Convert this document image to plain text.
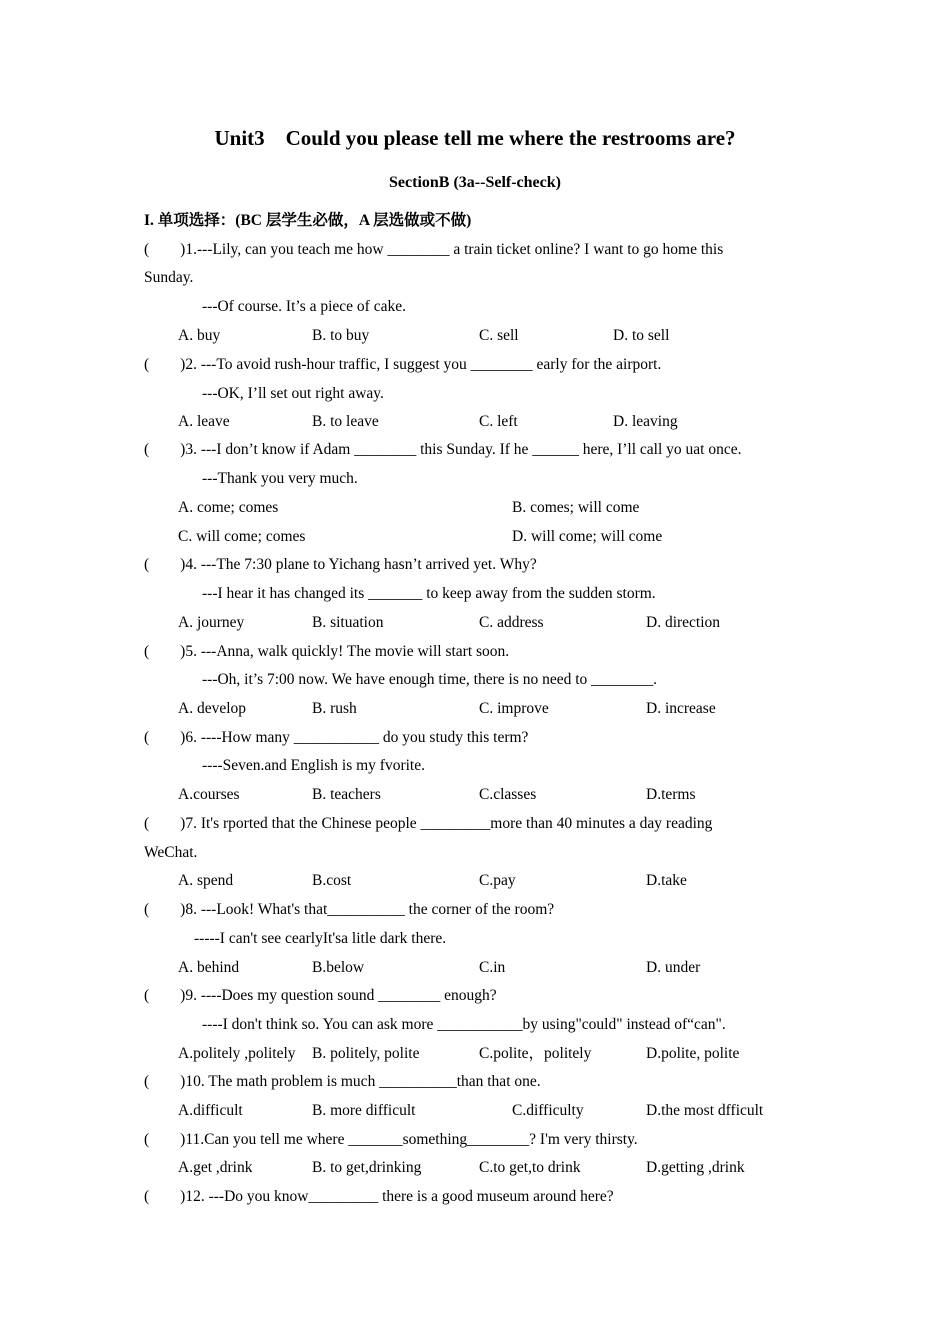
Unit3    Could you please tell me where the restrooms are?
SectionB (3a--Self-check)
I. 单项选择：(BC 层学生必做，A 层选做或不做)
(        )1.---Lily, can you teach me how ________ a train ticket online? I want to go home this
Sunday.
---Of course. It’s a piece of cake.
A. buy	B. to buy	C. sell	D. to sell
(        )2. ---To avoid rush-hour traffic, I suggest you ________ early for the airport.
---OK, I’ll set out right away.
A. leave	B. to leave	C. left	D. leaving
(        )3. ---I don’t know if Adam ________ this Sunday. If he ______ here, I’ll call yo uat once.
---Thank you very much.
A. come; comes	B. comes; will come
C. will come; comes	D. will come; will come
(        )4. ---The 7:30 plane to Yichang hasn’t arrived yet. Why?
---I hear it has changed its _______ to keep away from the sudden storm.
A. journey	B. situation	C. address	D. direction
(        )5. ---Anna, walk quickly! The movie will start soon.
---Oh, it’s 7:00 now. We have enough time, there is no need to ________.
A. develop	B. rush	C. improve	D. increase
(        )6. ----How many ___________ do you study this term?
----Seven.and English is my fvorite.
A.courses	B. teachers	C.classes	D.terms
(        )7. It's rported that the Chinese people _________more than 40 minutes a day reading
WeChat.
A. spend	B.cost	C.pay	D.take
(        )8. ---Look! What's that__________ the corner of the room?
-----I can't see cearlyIt'sa litle dark there.
A. behind	B.below	C.in	D. under
(        )9. ----Does my question sound ________ enough?
----I don't think so. You can ask more ___________by using"could" instead of“can".
A.politely ,politely B. politely, polite	C.polite，politely	D.polite, polite
(        )10. The math problem is much __________than that one.
A.difficult	B. more difficult	C.difficulty	D.the most dfficult
(        )11.Can you tell me where _______something________? I'm very thirsty.
A.get ,drink	B. to get,drinking	C.to get,to drink	D.getting ,drink
(        )12. ---Do you know_________ there is a good museum around here?
